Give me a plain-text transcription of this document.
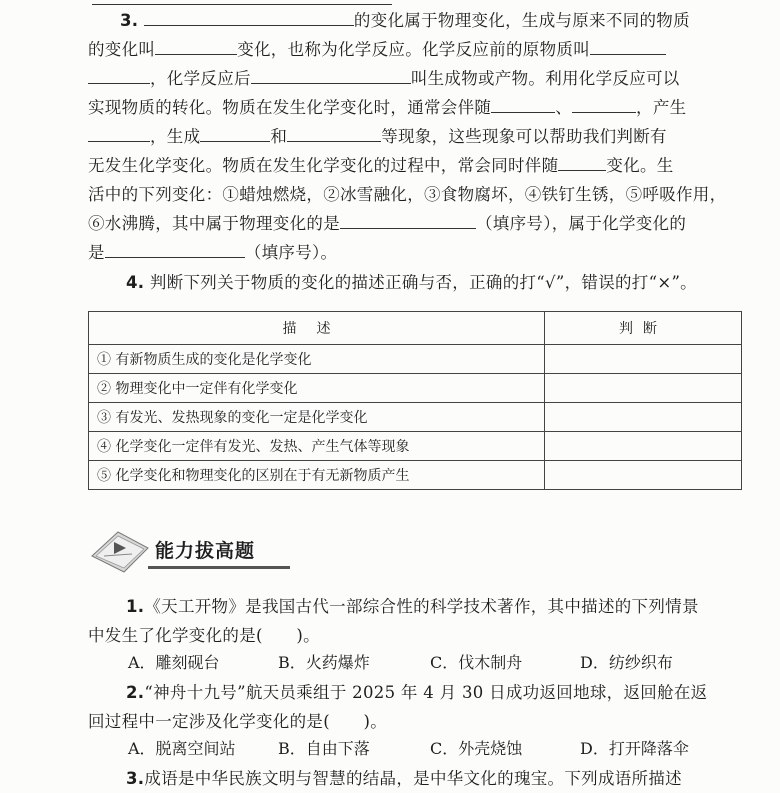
3.	的变化属于物理变化，生成与原来不同的物质
的变化叫	变化，也称为化学反应。化学反应前的原物质叫
，化学反应后	叫生成物或产物。利用化学反应可以
实现物质的转化。物质在发生化学变化时，通常会伴随	、	，产生
，生成	和	等现象，这些现象可以帮助我们判断有
无发生化学变化。物质在发生化学变化的过程中，常会同时伴随	变化。生
活中的下列变化：①蜡烛燃烧，②冰雪融化，③食物腐坏，④铁钉生锈，⑤呼吸作用，
⑥水沸腾，其中属于物理变化的是	（填序号），属于化学变化的
是	（填序号）。
4. 判断下列关于物质的变化的描述正确与否，正确的打“√”，错误的打“×”。
描述	判断
① 有新物质生成的变化是化学变化	
② 物理变化中一定伴有化学变化	
③ 有发光、发热现象的变化一定是化学变化	
④ 化学变化一定伴有发光、发热、产生气体等现象	
⑤ 化学变化和物理变化的区别在于有无新物质产生	
能力拔高题
1.《天工开物》是我国古代一部综合性的科学技术著作，其中描述的下列情景
中发生了化学变化的是(　　)。
A．雕刻砚台	B．火药爆炸	C．伐木制舟	D．纺纱织布
2.“神舟十九号”航天员乘组于 2025 年 4 月 30 日成功返回地球，返回舱在返
回过程中一定涉及化学变化的是(　　)。
A．脱离空间站	B．自由下落	C．外壳烧蚀	D．打开降落伞
3.成语是中华民族文明与智慧的结晶，是中华文化的瑰宝。下列成语所描述
